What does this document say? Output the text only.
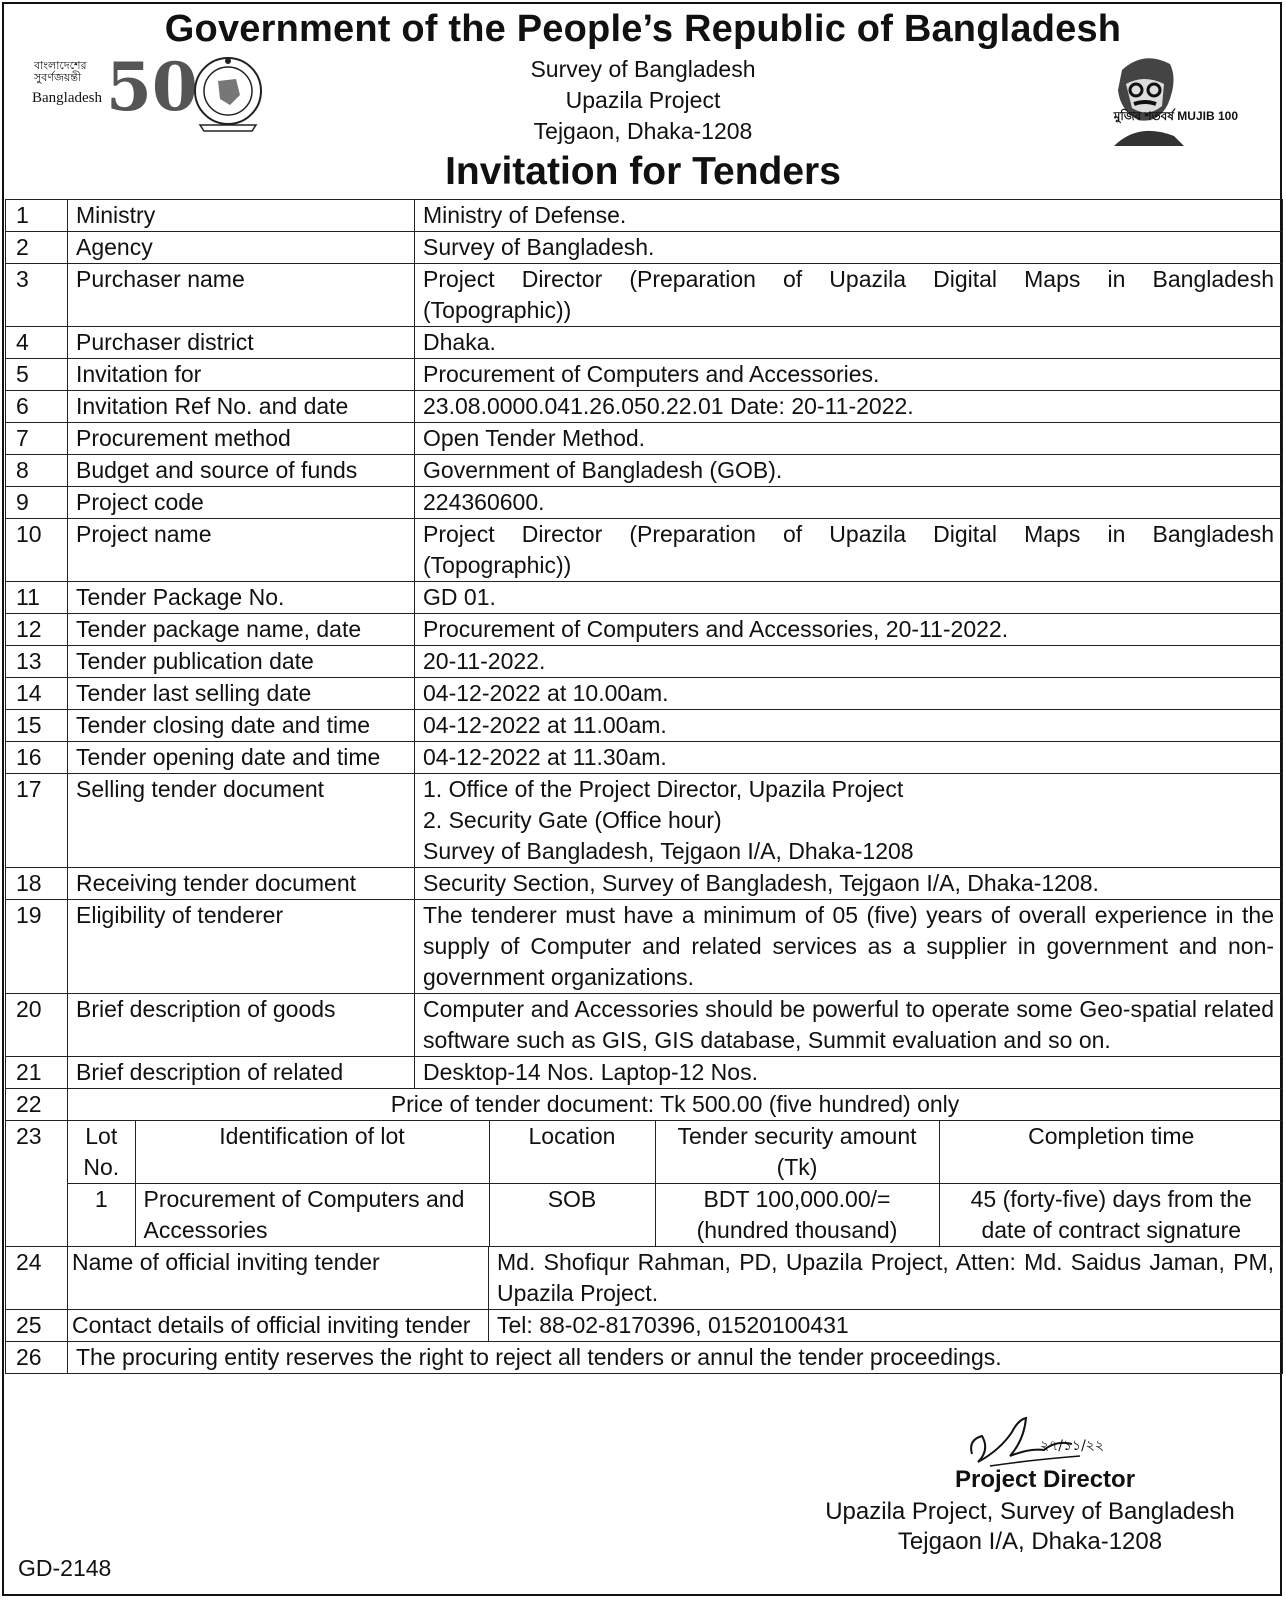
Government of the People’s Republic of Bangladesh
Survey of Bangladesh
Upazila Project
Tejgaon, Dhaka-1208
Invitation for Tenders
বাংলাদেশের সুবর্ণজয়ন্তী
Bangladesh 50	মুজিব শতবর্ষ MUJIB 100
1	Ministry	Ministry of Defense.
2	Agency	Survey of Bangladesh.
3	Purchaser name	Project Director (Preparation of Upazila Digital Maps in Bangladesh
(Topographic))

4	Purchaser district	Dhaka.
5	Invitation for	Procurement of Computers and Accessories.
6	Invitation Ref No. and date	23.08.0000.041.26.050.22.01 Date: 20-11-2022.
7	Procurement method	Open Tender Method.
8	Budget and source of funds	Government of Bangladesh (GOB).
9	Project code	224360600.
10	Project name	Project Director (Preparation of Upazila Digital Maps in Bangladesh
(Topographic))

11	Tender Package No.	GD 01.
12	Tender package name, date	Procurement of Computers and Accessories, 20-11-2022.
13	Tender publication date	20-11-2022.
14	Tender last selling date	04-12-2022 at 10.00am.
15	Tender closing date and time	04-12-2022 at 11.00am.
16	Tender opening date and time	04-12-2022 at 11.30am.
17	Selling tender document	1. Office of the Project Director, Upazila Project
2. Security Gate (Office hour)
Survey of Bangladesh, Tejgaon I/A, Dhaka-1208

18	Receiving tender document	Security Section, Survey of Bangladesh, Tejgaon I/A, Dhaka-1208.
19	Eligibility of tenderer	The tenderer must have a minimum of 05 (five) years of overall experience in the supply of Computer and related services as a supplier in government and non-government organizations.
20	Brief description of goods	Computer and Accessories should be powerful to operate some Geo-spatial related software such as GIS, GIS database, Summit evaluation and so on.
21	Brief description of related	Desktop-14 Nos. Laptop-12 Nos.
22	Price of tender document: Tk 500.00 (five hundred) only
23	Lot No.	Identification of lot	Location	Tender security amount (Tk)	Completion time
1	Procurement of Computers and Accessories	SOB	BDT 100,000.00/= (hundred thousand)	45 (forty-five) days from the date of contract signature

24	Name of official inviting tender	Md. Shofiqur Rahman, PD, Upazila Project, Atten: Md. Saidus Jaman, PM, Upazila Project.
25	Contact details of official inviting tender	Tel: 88-02-8170396, 01520100431
26	The procuring entity reserves the right to reject all tenders or annul the tender proceedings.
২৭/১১/২২
Project Director
Upazila Project, Survey of Bangladesh
Tejgaon I/A, Dhaka-1208
GD-2148
